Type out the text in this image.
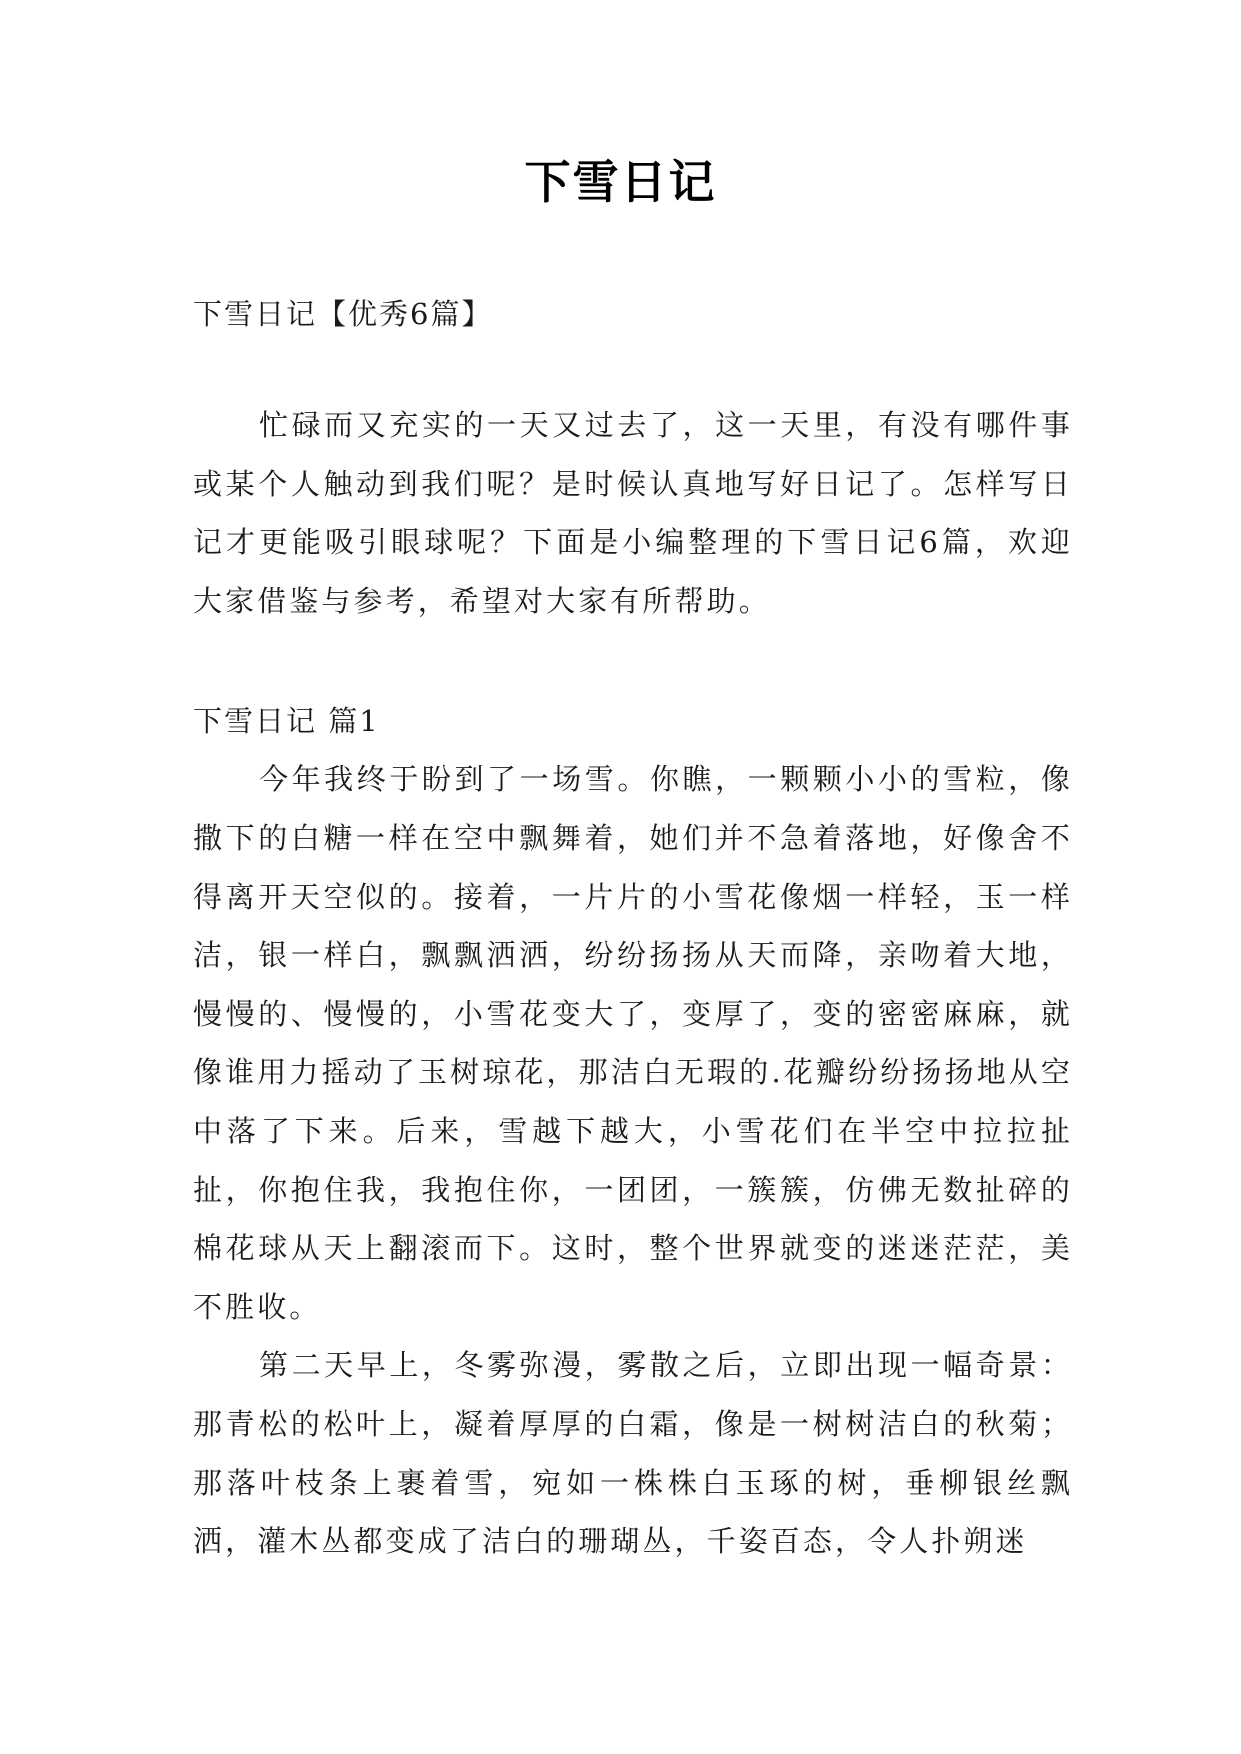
下雪日记

下雪日记【优秀6篇】

忙碌而又充实的一天又过去了，这一天里，有没有哪件事或某个人触动到我们呢？是时候认真地写好日记了。怎样写日记才更能吸引眼球呢？下面是小编整理的下雪日记6篇，欢迎大家借鉴与参考，希望对大家有所帮助。

下雪日记 篇1

今年我终于盼到了一场雪。你瞧，一颗颗小小的雪粒，像撒下的白糖一样在空中飘舞着，她们并不急着落地，好像舍不得离开天空似的。接着，一片片的小雪花像烟一样轻，玉一样洁，银一样白，飘飘洒洒，纷纷扬扬从天而降，亲吻着大地，慢慢的、慢慢的，小雪花变大了，变厚了，变的密密麻麻，就像谁用力摇动了玉树琼花，那洁白无瑕的.花瓣纷纷扬扬地从空中落了下来。后来，雪越下越大，小雪花们在半空中拉拉扯扯，你抱住我，我抱住你，一团团，一簇簇，仿佛无数扯碎的棉花球从天上翻滚而下。这时，整个世界就变的迷迷茫茫，美不胜收。

第二天早上，冬雾弥漫，雾散之后，立即出现一幅奇景：那青松的松叶上，凝着厚厚的白霜，像是一树树洁白的秋菊；那落叶枝条上裹着雪，宛如一株株白玉琢的树，垂柳银丝飘洒，灌木丛都变成了洁白的珊瑚丛，千姿百态，令人扑朔迷
